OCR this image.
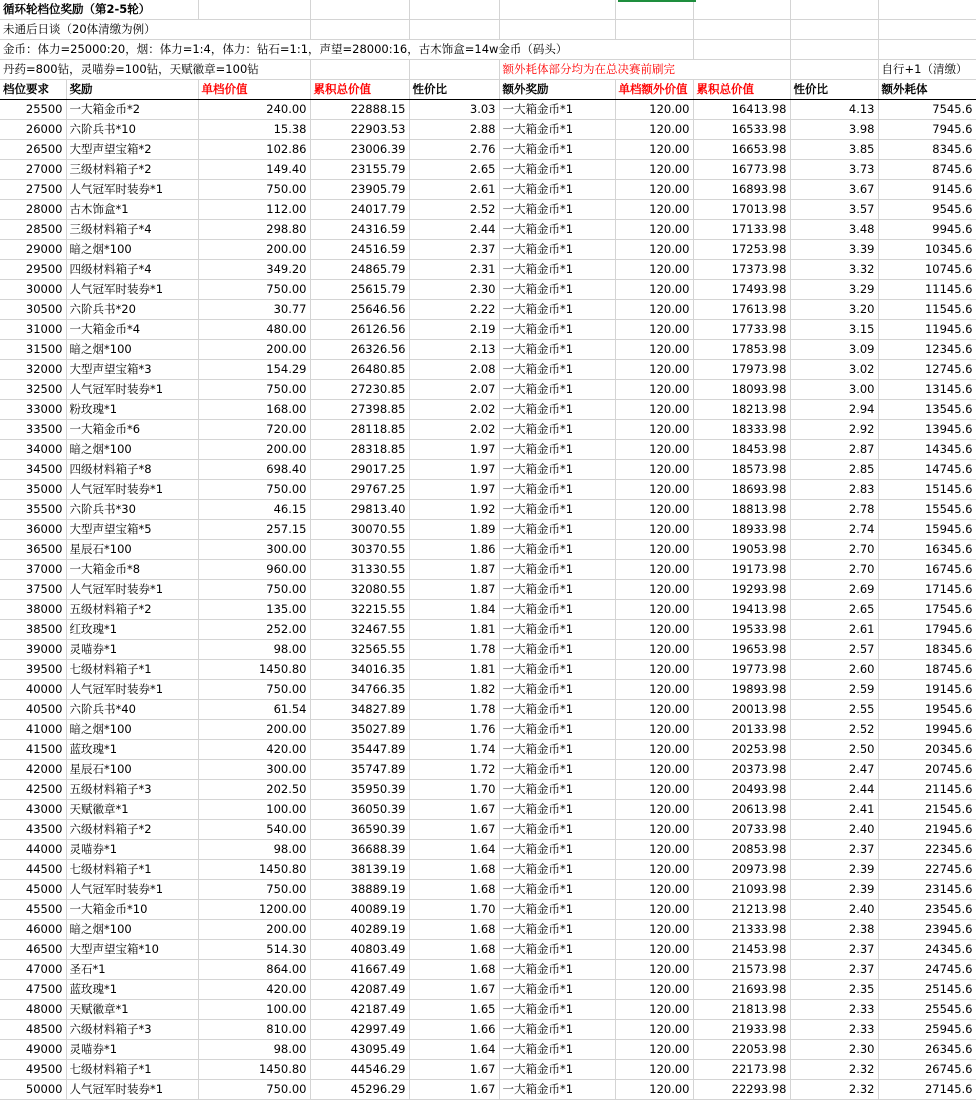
循环轮档位奖励（第2-5轮）									
未通后日谈（20体清缴为例）									
金币：体力=25000:20，烟：体力=1:4，体力：钻石=1:1，声望=28000:16，古木饰盒=14w金币（码头）									
丹药=800钻，灵喵券=100钻，天赋徽章=100钻					额外耗体部分均为在总决赛前刷完				自行+1（清缴）
档位要求	奖励	单档价值	累积总价值	性价比	额外奖励	单档额外价值	累积总价值	性价比	额外耗体
25500	一大箱金币*2	240.00	22888.15	3.03	一大箱金币*1	120.00	16413.98	4.13	7545.6
26000	六阶兵书*10	15.38	22903.53	2.88	一大箱金币*1	120.00	16533.98	3.98	7945.6
26500	大型声望宝箱*2	102.86	23006.39	2.76	一大箱金币*1	120.00	16653.98	3.85	8345.6
27000	三级材料箱子*2	149.40	23155.79	2.65	一大箱金币*1	120.00	16773.98	3.73	8745.6
27500	人气冠军时装券*1	750.00	23905.79	2.61	一大箱金币*1	120.00	16893.98	3.67	9145.6
28000	古木饰盒*1	112.00	24017.79	2.52	一大箱金币*1	120.00	17013.98	3.57	9545.6
28500	三级材料箱子*4	298.80	24316.59	2.44	一大箱金币*1	120.00	17133.98	3.48	9945.6
29000	暗之烟*100	200.00	24516.59	2.37	一大箱金币*1	120.00	17253.98	3.39	10345.6
29500	四级材料箱子*4	349.20	24865.79	2.31	一大箱金币*1	120.00	17373.98	3.32	10745.6
30000	人气冠军时装券*1	750.00	25615.79	2.30	一大箱金币*1	120.00	17493.98	3.29	11145.6
30500	六阶兵书*20	30.77	25646.56	2.22	一大箱金币*1	120.00	17613.98	3.20	11545.6
31000	一大箱金币*4	480.00	26126.56	2.19	一大箱金币*1	120.00	17733.98	3.15	11945.6
31500	暗之烟*100	200.00	26326.56	2.13	一大箱金币*1	120.00	17853.98	3.09	12345.6
32000	大型声望宝箱*3	154.29	26480.85	2.08	一大箱金币*1	120.00	17973.98	3.02	12745.6
32500	人气冠军时装券*1	750.00	27230.85	2.07	一大箱金币*1	120.00	18093.98	3.00	13145.6
33000	粉玫瑰*1	168.00	27398.85	2.02	一大箱金币*1	120.00	18213.98	2.94	13545.6
33500	一大箱金币*6	720.00	28118.85	2.02	一大箱金币*1	120.00	18333.98	2.92	13945.6
34000	暗之烟*100	200.00	28318.85	1.97	一大箱金币*1	120.00	18453.98	2.87	14345.6
34500	四级材料箱子*8	698.40	29017.25	1.97	一大箱金币*1	120.00	18573.98	2.85	14745.6
35000	人气冠军时装券*1	750.00	29767.25	1.97	一大箱金币*1	120.00	18693.98	2.83	15145.6
35500	六阶兵书*30	46.15	29813.40	1.92	一大箱金币*1	120.00	18813.98	2.78	15545.6
36000	大型声望宝箱*5	257.15	30070.55	1.89	一大箱金币*1	120.00	18933.98	2.74	15945.6
36500	星辰石*100	300.00	30370.55	1.86	一大箱金币*1	120.00	19053.98	2.70	16345.6
37000	一大箱金币*8	960.00	31330.55	1.87	一大箱金币*1	120.00	19173.98	2.70	16745.6
37500	人气冠军时装券*1	750.00	32080.55	1.87	一大箱金币*1	120.00	19293.98	2.69	17145.6
38000	五级材料箱子*2	135.00	32215.55	1.84	一大箱金币*1	120.00	19413.98	2.65	17545.6
38500	红玫瑰*1	252.00	32467.55	1.81	一大箱金币*1	120.00	19533.98	2.61	17945.6
39000	灵喵券*1	98.00	32565.55	1.78	一大箱金币*1	120.00	19653.98	2.57	18345.6
39500	七级材料箱子*1	1450.80	34016.35	1.81	一大箱金币*1	120.00	19773.98	2.60	18745.6
40000	人气冠军时装券*1	750.00	34766.35	1.82	一大箱金币*1	120.00	19893.98	2.59	19145.6
40500	六阶兵书*40	61.54	34827.89	1.78	一大箱金币*1	120.00	20013.98	2.55	19545.6
41000	暗之烟*100	200.00	35027.89	1.76	一大箱金币*1	120.00	20133.98	2.52	19945.6
41500	蓝玫瑰*1	420.00	35447.89	1.74	一大箱金币*1	120.00	20253.98	2.50	20345.6
42000	星辰石*100	300.00	35747.89	1.72	一大箱金币*1	120.00	20373.98	2.47	20745.6
42500	五级材料箱子*3	202.50	35950.39	1.70	一大箱金币*1	120.00	20493.98	2.44	21145.6
43000	天赋徽章*1	100.00	36050.39	1.67	一大箱金币*1	120.00	20613.98	2.41	21545.6
43500	六级材料箱子*2	540.00	36590.39	1.67	一大箱金币*1	120.00	20733.98	2.40	21945.6
44000	灵喵券*1	98.00	36688.39	1.64	一大箱金币*1	120.00	20853.98	2.37	22345.6
44500	七级材料箱子*1	1450.80	38139.19	1.68	一大箱金币*1	120.00	20973.98	2.39	22745.6
45000	人气冠军时装券*1	750.00	38889.19	1.68	一大箱金币*1	120.00	21093.98	2.39	23145.6
45500	一大箱金币*10	1200.00	40089.19	1.70	一大箱金币*1	120.00	21213.98	2.40	23545.6
46000	暗之烟*100	200.00	40289.19	1.68	一大箱金币*1	120.00	21333.98	2.38	23945.6
46500	大型声望宝箱*10	514.30	40803.49	1.68	一大箱金币*1	120.00	21453.98	2.37	24345.6
47000	圣石*1	864.00	41667.49	1.68	一大箱金币*1	120.00	21573.98	2.37	24745.6
47500	蓝玫瑰*1	420.00	42087.49	1.67	一大箱金币*1	120.00	21693.98	2.35	25145.6
48000	天赋徽章*1	100.00	42187.49	1.65	一大箱金币*1	120.00	21813.98	2.33	25545.6
48500	六级材料箱子*3	810.00	42997.49	1.66	一大箱金币*1	120.00	21933.98	2.33	25945.6
49000	灵喵券*1	98.00	43095.49	1.64	一大箱金币*1	120.00	22053.98	2.30	26345.6
49500	七级材料箱子*1	1450.80	44546.29	1.67	一大箱金币*1	120.00	22173.98	2.32	26745.6
50000	人气冠军时装券*1	750.00	45296.29	1.67	一大箱金币*1	120.00	22293.98	2.32	27145.6
